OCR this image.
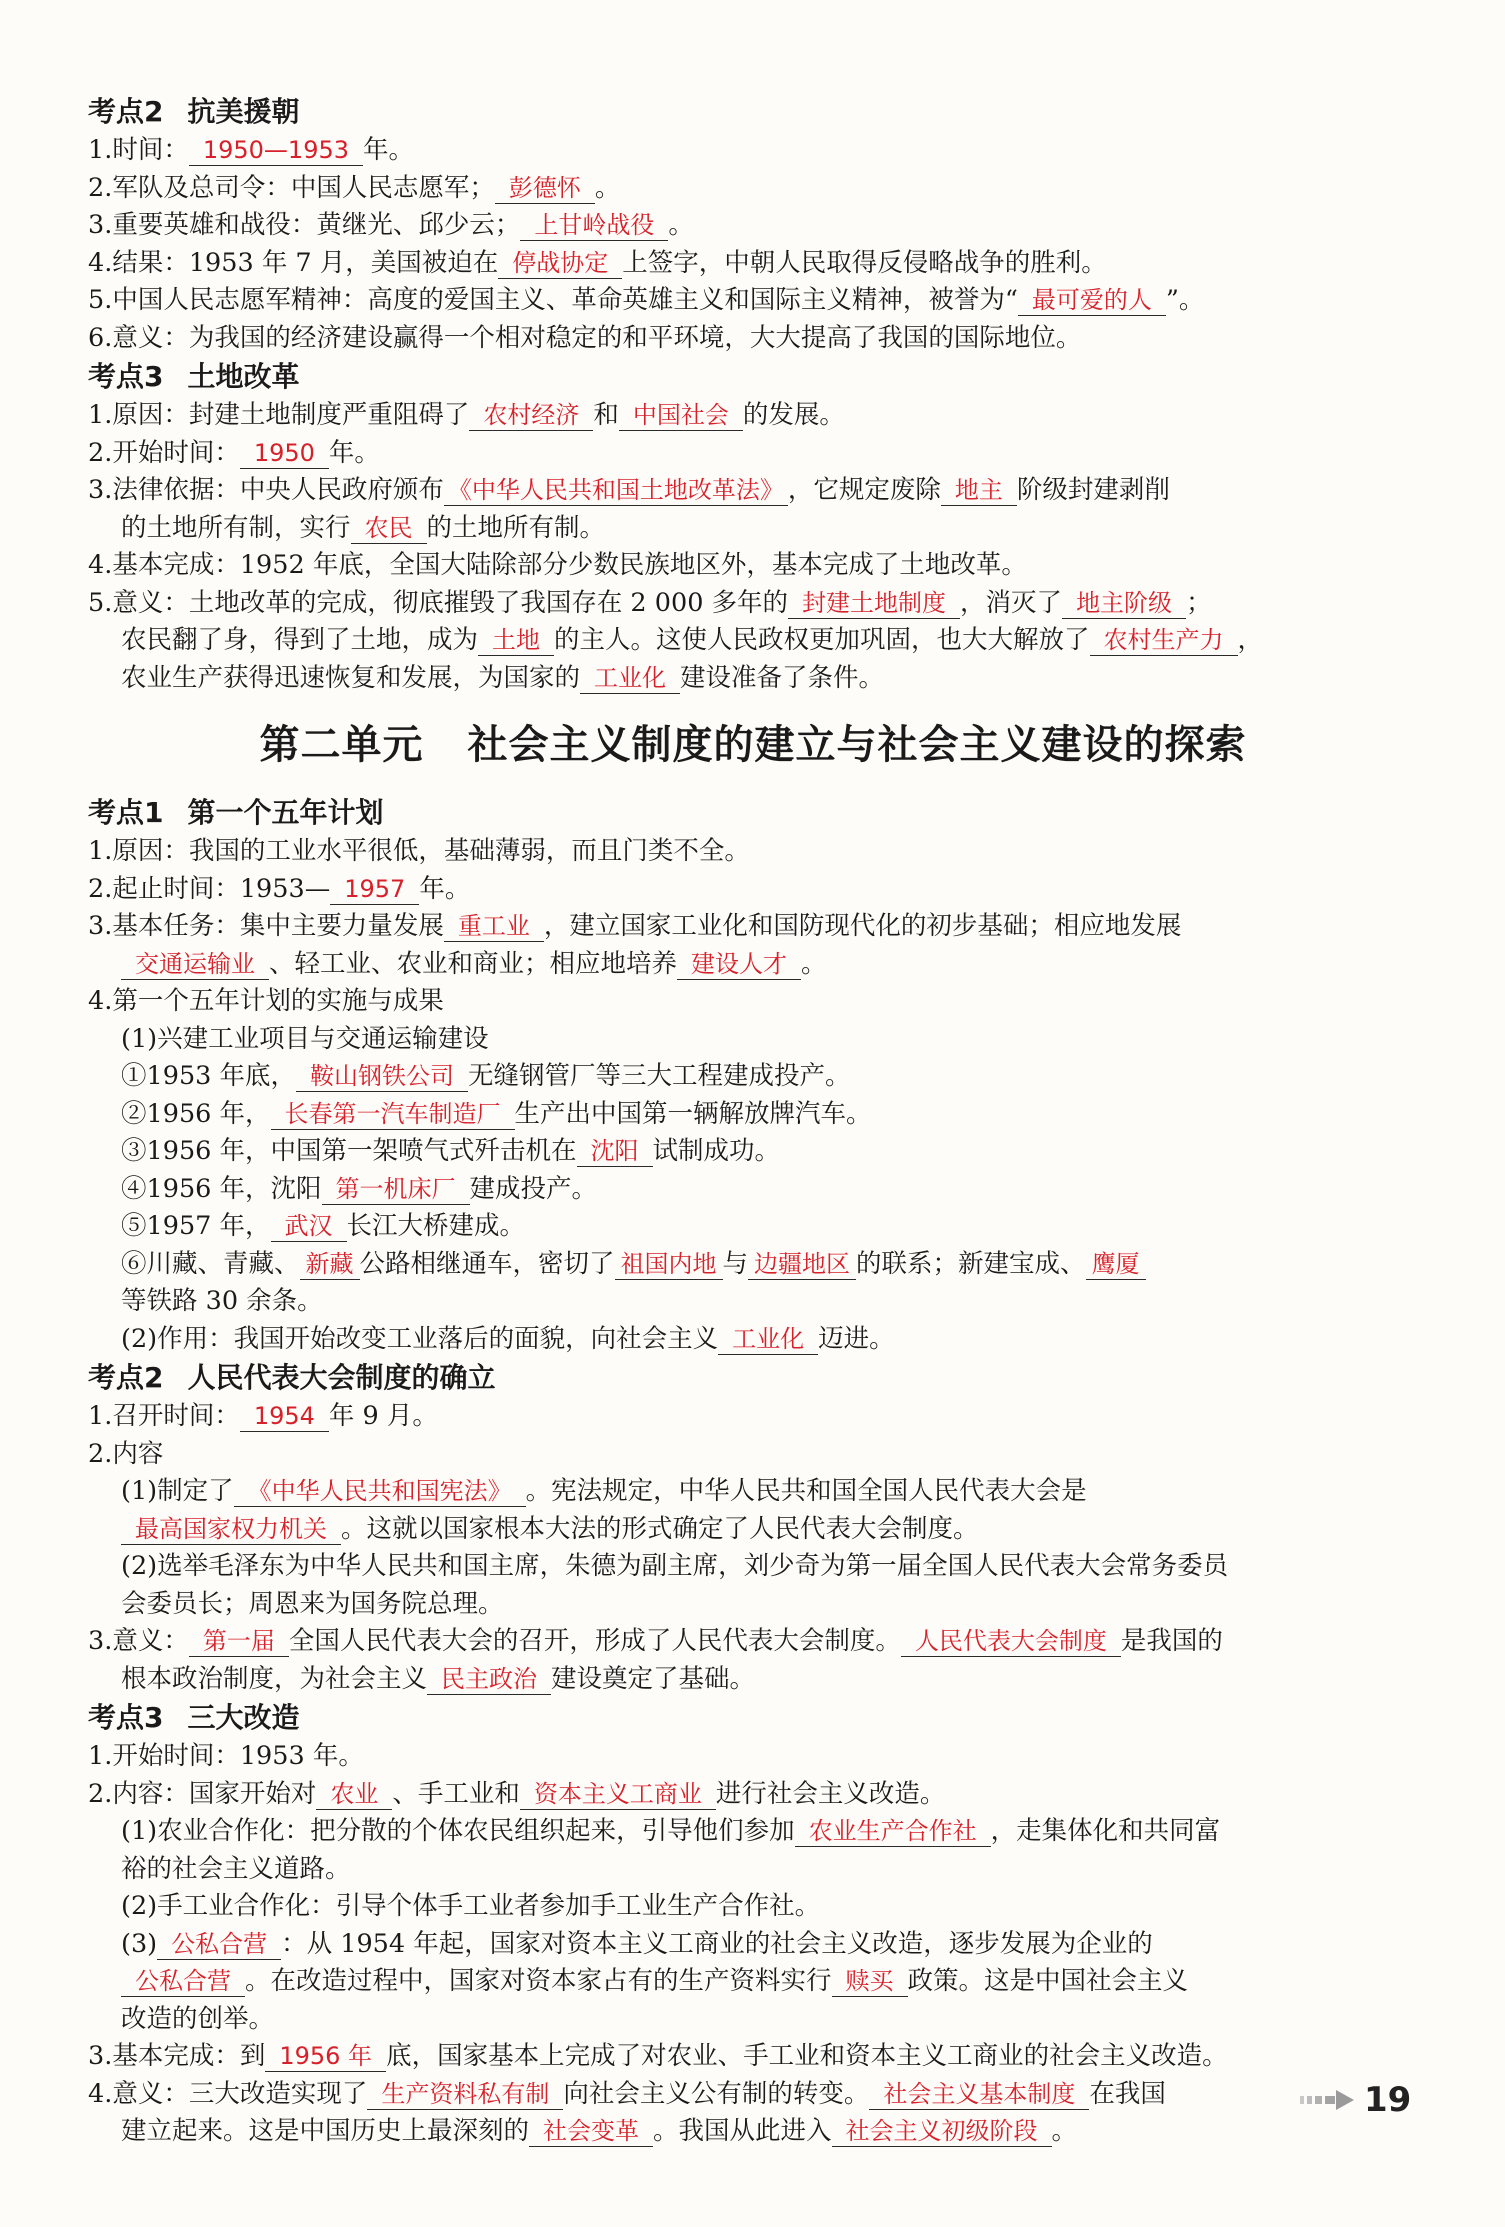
考点2 抗美援朝
1.时间： 1950—1953 年。
2.军队及总司令：中国人民志愿军； 彭德怀 。
3.重要英雄和战役：黄继光、邱少云； 上甘岭战役 。
4.结果：1953 年 7 月，美国被迫在 停战协定 上签字，中朝人民取得反侵略战争的胜利。
5.中国人民志愿军精神：高度的爱国主义、革命英雄主义和国际主义精神，被誉为“ 最可爱的人 ”。
6.意义：为我国的经济建设赢得一个相对稳定的和平环境，大大提高了我国的国际地位。
考点3 土地改革
1.原因：封建土地制度严重阻碍了 农村经济 和 中国社会 的发展。
2.开始时间： 1950 年。
3.法律依据：中央人民政府颁布 《中华人民共和国土地改革法》 ，它规定废除 地主 阶级封建剥削
的土地所有制，实行 农民 的土地所有制。
4.基本完成：1952 年底，全国大陆除部分少数民族地区外，基本完成了土地改革。
5.意义：土地改革的完成，彻底摧毁了我国存在 2 000 多年的 封建土地制度 ，消灭了 地主阶级 ；
农民翻了身，得到了土地，成为 土地 的主人。这使人民政权更加巩固，也大大解放了 农村生产力 ，
农业生产获得迅速恢复和发展，为国家的 工业化 建设准备了条件。
第二单元 社会主义制度的建立与社会主义建设的探索
考点1 第一个五年计划
1.原因：我国的工业水平很低，基础薄弱，而且门类不全。
2.起止时间：1953— 1957 年。
3.基本任务：集中主要力量发展 重工业 ，建立国家工业化和国防现代化的初步基础；相应地发展
交通运输业 、轻工业、农业和商业；相应地培养 建设人才 。
4.第一个五年计划的实施与成果
(1)兴建工业项目与交通运输建设
①1953 年底， 鞍山钢铁公司 无缝钢管厂等三大工程建成投产。
②1956 年， 长春第一汽车制造厂 生产出中国第一辆解放牌汽车。
③1956 年，中国第一架喷气式歼击机在 沈阳 试制成功。
④1956 年，沈阳 第一机床厂 建成投产。
⑤1957 年， 武汉 长江大桥建成。
⑥川藏、青藏、 新藏 公路相继通车，密切了 祖国内地 与 边疆地区 的联系；新建宝成、 鹰厦
等铁路 30 余条。
(2)作用：我国开始改变工业落后的面貌，向社会主义 工业化 迈进。
考点2 人民代表大会制度的确立
1.召开时间： 1954 年 9 月。
2.内容
(1)制定了 《中华人民共和国宪法》 。宪法规定，中华人民共和国全国人民代表大会是
最高国家权力机关 。这就以国家根本大法的形式确定了人民代表大会制度。
(2)选举毛泽东为中华人民共和国主席，朱德为副主席，刘少奇为第一届全国人民代表大会常务委员
会委员长；周恩来为国务院总理。
3.意义： 第一届 全国人民代表大会的召开，形成了人民代表大会制度。 人民代表大会制度 是我国的
根本政治制度，为社会主义 民主政治 建设奠定了基础。
考点3 三大改造
1.开始时间：1953 年。
2.内容：国家开始对 农业 、手工业和 资本主义工商业 进行社会主义改造。
(1)农业合作化：把分散的个体农民组织起来，引导他们参加 农业生产合作社 ，走集体化和共同富
裕的社会主义道路。
(2)手工业合作化：引导个体手工业者参加手工业生产合作社。
(3) 公私合营 ：从 1954 年起，国家对资本主义工商业的社会主义改造，逐步发展为企业的
公私合营 。在改造过程中，国家对资本家占有的生产资料实行 赎买 政策。这是中国社会主义
改造的创举。
3.基本完成：到 1956 年 底，国家基本上完成了对农业、手工业和资本主义工商业的社会主义改造。
4.意义：三大改造实现了 生产资料私有制 向社会主义公有制的转变。 社会主义基本制度 在我国
建立起来。这是中国历史上最深刻的 社会变革 。我国从此进入 社会主义初级阶段 。
19
